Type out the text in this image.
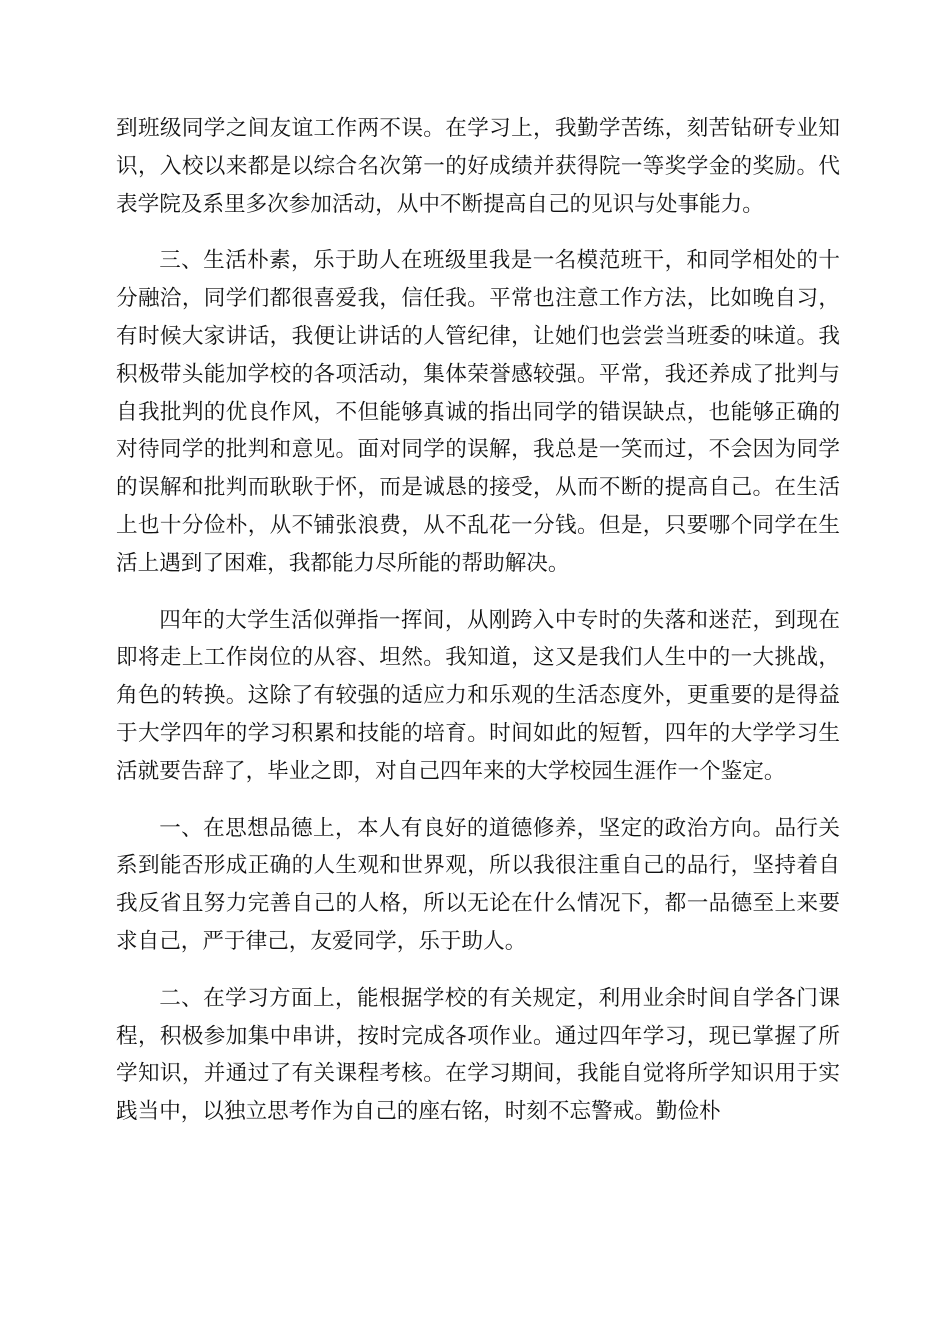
到班级同学之间友谊工作两不误。在学习上，我勤学苦练，刻苦钻研专业知识，入校以来都是以综合名次第一的好成绩并获得院一等奖学金的奖励。代表学院及系里多次参加活动，从中不断提高自己的见识与处事能力。

三、生活朴素，乐于助人在班级里我是一名模范班干，和同学相处的十分融洽，同学们都很喜爱我，信任我。平常也注意工作方法，比如晚自习，有时候大家讲话，我便让讲话的人管纪律，让她们也尝尝当班委的味道。我积极带头能加学校的各项活动，集体荣誉感较强。平常，我还养成了批判与自我批判的优良作风，不但能够真诚的指出同学的错误缺点，也能够正确的对待同学的批判和意见。面对同学的误解，我总是一笑而过，不会因为同学的误解和批判而耿耿于怀，而是诚恳的接受，从而不断的提高自己。在生活上也十分俭朴，从不铺张浪费，从不乱花一分钱。但是，只要哪个同学在生活上遇到了困难，我都能力尽所能的帮助解决。

四年的大学生活似弹指一挥间，从刚跨入中专时的失落和迷茫，到现在即将走上工作岗位的从容、坦然。我知道，这又是我们人生中的一大挑战，角色的转换。这除了有较强的适应力和乐观的生活态度外，更重要的是得益于大学四年的学习积累和技能的培育。时间如此的短暂，四年的大学学习生活就要告辞了，毕业之即，对自己四年来的大学校园生涯作一个鉴定。

一、在思想品德上，本人有良好的道德修养，坚定的政治方向。品行关系到能否形成正确的人生观和世界观，所以我很注重自己的品行，坚持着自我反省且努力完善自己的人格，所以无论在什么情况下，都一品德至上来要求自己，严于律己，友爱同学，乐于助人。

二、在学习方面上，能根据学校的有关规定，利用业余时间自学各门课程，积极参加集中串讲，按时完成各项作业。通过四年学习，现已掌握了所学知识，并通过了有关课程考核。在学习期间，我能自觉将所学知识用于实践当中，以独立思考作为自己的座右铭，时刻不忘警戒。勤俭朴
